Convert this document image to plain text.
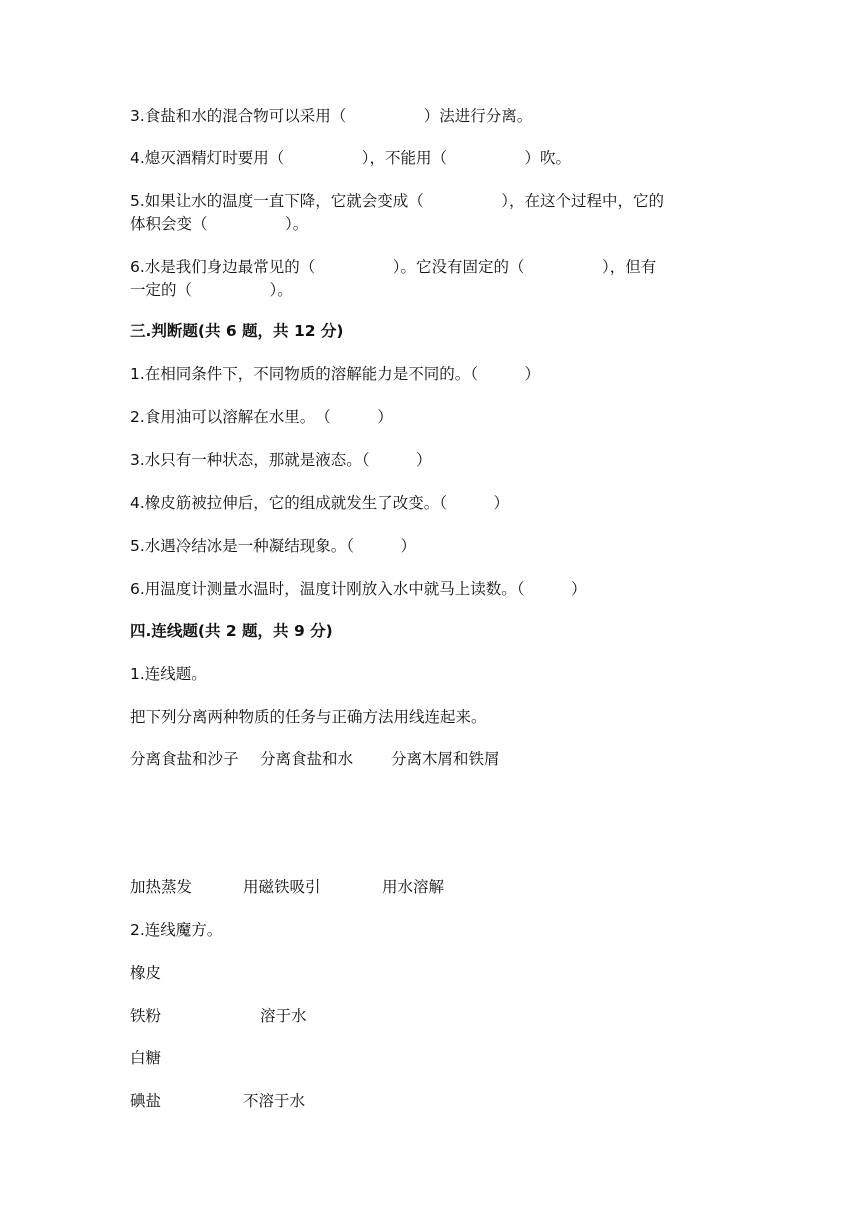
3.食盐和水的混合物可以采用（　　　　　）法进行分离。
4.熄灭酒精灯时要用（　　　　　），不能用（　　　　　）吹。
5.如果让水的温度一直下降，它就会变成（　　　　　），在这个过程中，它的
体积会变（　　　　　）。
6.水是我们身边最常见的（　　　　　）。它没有固定的（　　　　　），但有
一定的（　　　　　）。
三.判断题(共 6 题，共 12 分)
1.在相同条件下，不同物质的溶解能力是不同的。（　　　）
2.食用油可以溶解在水里。　（　　　）
3.水只有一种状态，那就是液态。（　　　）
4.橡皮筋被拉伸后，它的组成就发生了改变。（　　　）
5.水遇冷结冰是一种凝结现象。（　　　）
6.用温度计测量水温时，温度计刚放入水中就马上读数。（　　　）
四.连线题(共 2 题，共 9 分)
1.连线题。
把下列分离两种物质的任务与正确方法用线连起来。
分离食盐和沙子 分离食盐和水 分离木屑和铁屑
加热蒸发	用磁铁吸引	用水溶解
2.连线魔方。
橡皮
铁粉	溶于水
白糖
碘盐	不溶于水
